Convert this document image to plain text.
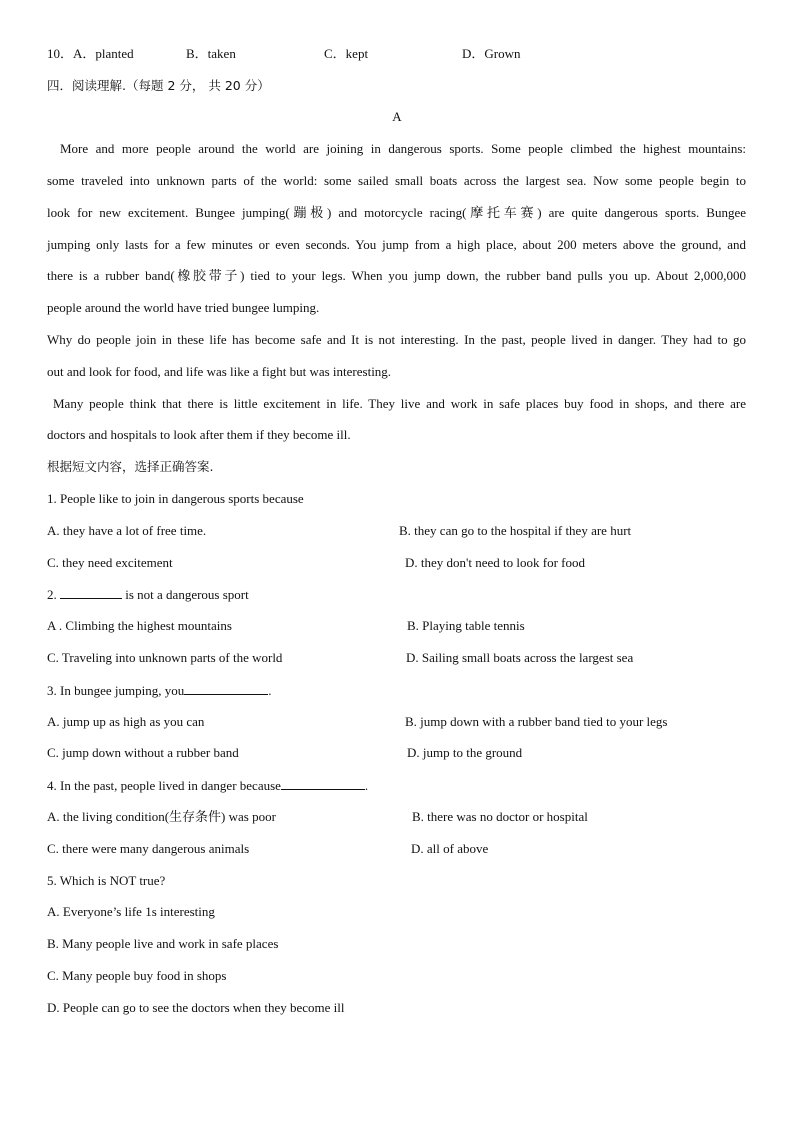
10．A．planted	B．taken	C．kept	D．Grown
四．阅读理解.（每题 2 分， 共 20 分）
A
More and more people around the world are joining in dangerous sports. Some people climbed the highest mountains:
some traveled into unknown parts of the world: some sailed small boats across the largest sea. Now some people begin to
look for new excitement. Bungee jumping(蹦极) and motorcycle racing(摩托车赛) are quite dangerous sports. Bungee
jumping only lasts for a few minutes or even seconds. You jump from a high place, about 200 meters above the ground, and
there is a rubber band(橡胶带子) tied to your legs. When you jump down, the rubber band pulls you up. About 2,000,000
people around the world have tried bungee lumping.
Why do people join in these life has become safe and It is not interesting. In the past, people lived in danger. They had to go
out and look for food, and life was like a fight but was interesting.
Many people think that there is little excitement in life. They live and work in safe places buy food in shops, and there are
doctors and hospitals to look after them if they become ill.
根据短文内容，选择正确答案.
1. People like to join in dangerous sports because
A. they have a lot of free time.	B. they can go to the hospital if they are hurt
C. they need excitement	D. they don't need to look for food
2.	is not a dangerous sport
A . Climbing the highest mountains	B. Playing table tennis
C. Traveling into unknown parts of the world	D. Sailing small boats across the largest sea
3. In bungee jumping, you	.
A. jump up as high as you can	B. jump down with a rubber band tied to your legs
C. jump down without a rubber band	D. jump to the ground
4. In the past, people lived in danger because	.
A. the living condition(生存条件) was poor	B. there was no doctor or hospital
C. there were many dangerous animals	D. all of above
5. Which is NOT true?
A. Everyone’s life 1s interesting
B. Many people live and work in safe places
C. Many people buy food in shops
D. People can go to see the doctors when they become ill
